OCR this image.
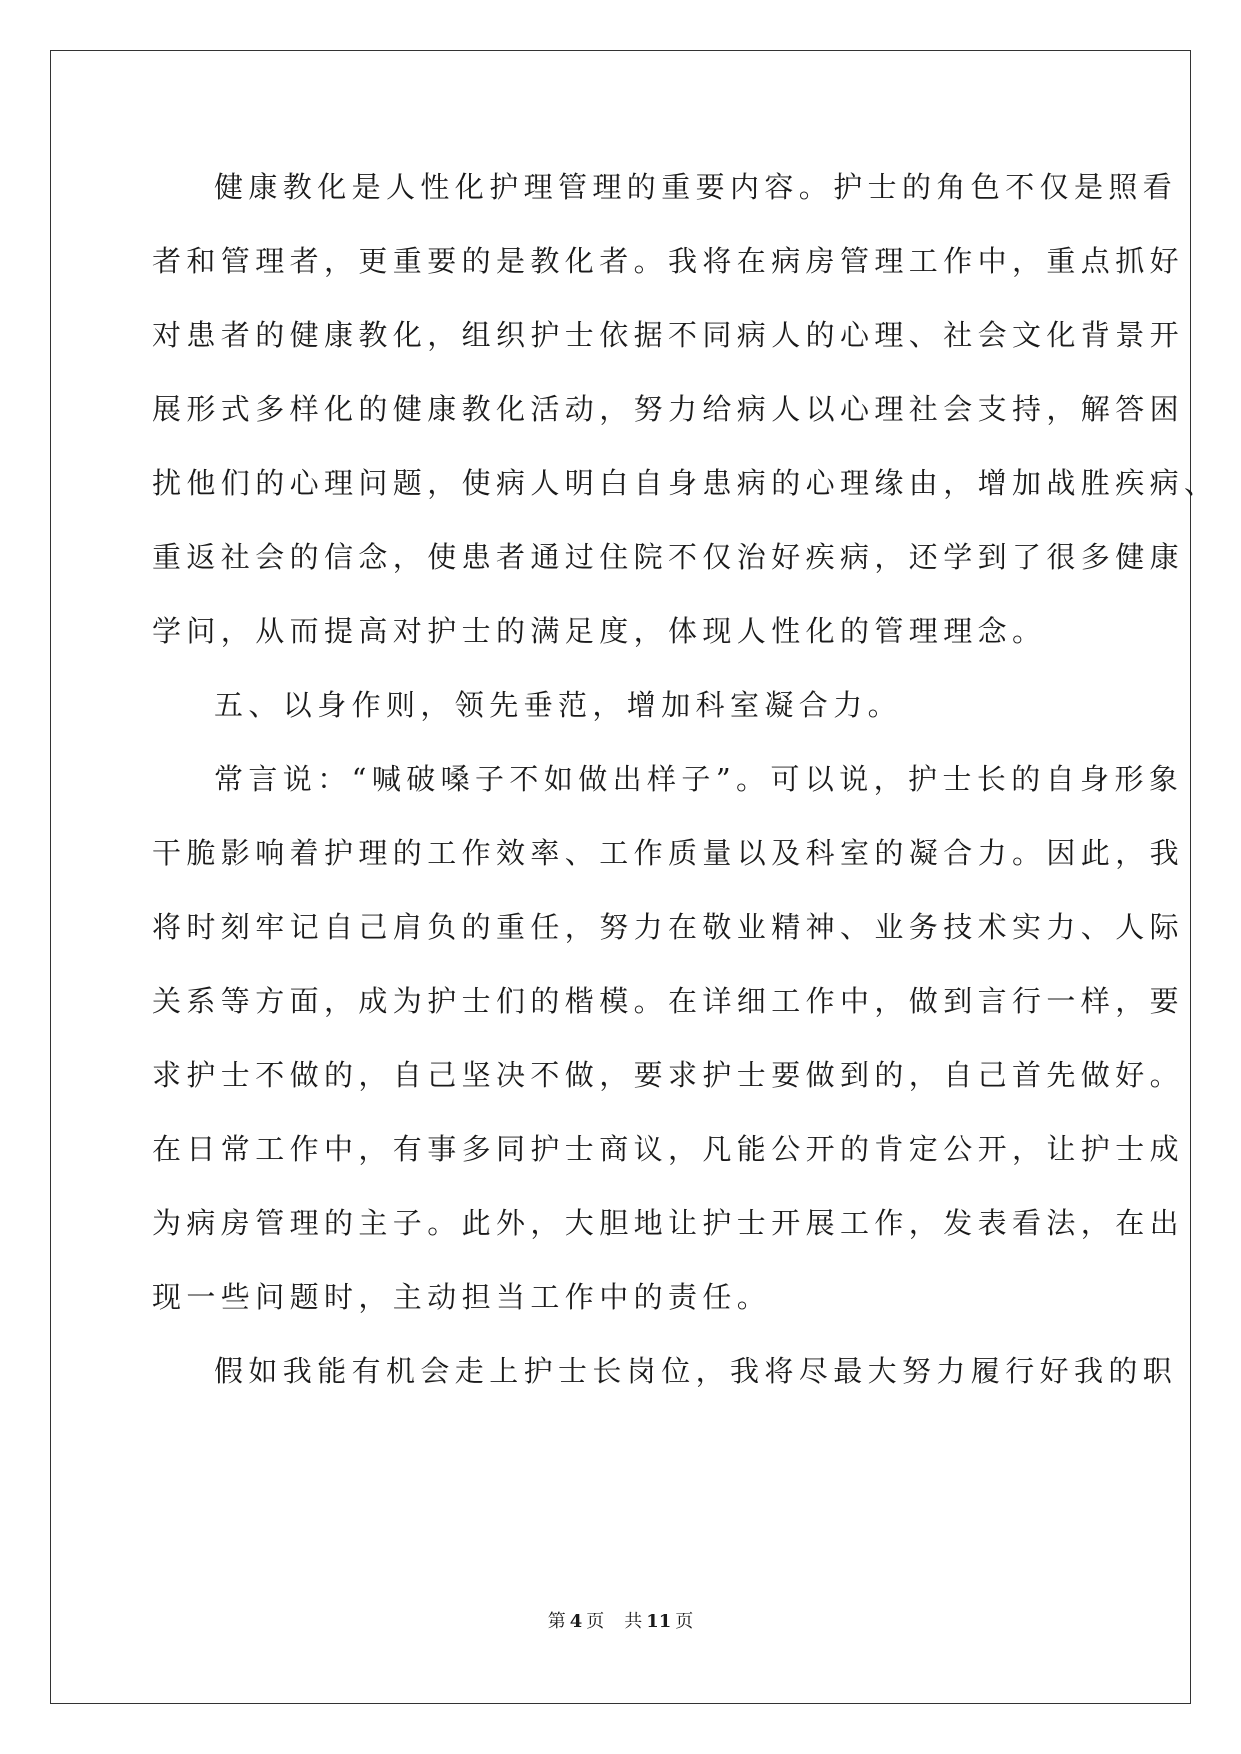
健康教化是人性化护理管理的重要内容。护士的角色不仅是照看
者和管理者，更重要的是教化者。我将在病房管理工作中，重点抓好
对患者的健康教化，组织护士依据不同病人的心理、社会文化背景开
展形式多样化的健康教化活动，努力给病人以心理社会支持，解答困
扰他们的心理问题，使病人明白自身患病的心理缘由，增加战胜疾病、
重返社会的信念，使患者通过住院不仅治好疾病，还学到了很多健康
学问，从而提高对护士的满足度，体现人性化的管理理念。
五、以身作则，领先垂范，增加科室凝合力。
常言说：“喊破嗓子不如做出样子”。可以说，护士长的自身形象
干脆影响着护理的工作效率、工作质量以及科室的凝合力。因此，我
将时刻牢记自己肩负的重任，努力在敬业精神、业务技术实力、人际
关系等方面，成为护士们的楷模。在详细工作中，做到言行一样，要
求护士不做的，自己坚决不做，要求护士要做到的，自己首先做好。
在日常工作中，有事多同护士商议，凡能公开的肯定公开，让护士成
为病房管理的主子。此外，大胆地让护士开展工作，发表看法，在出
现一些问题时，主动担当工作中的责任。
假如我能有机会走上护士长岗位，我将尽最大努力履行好我的职
第 4 页 共 11 页
